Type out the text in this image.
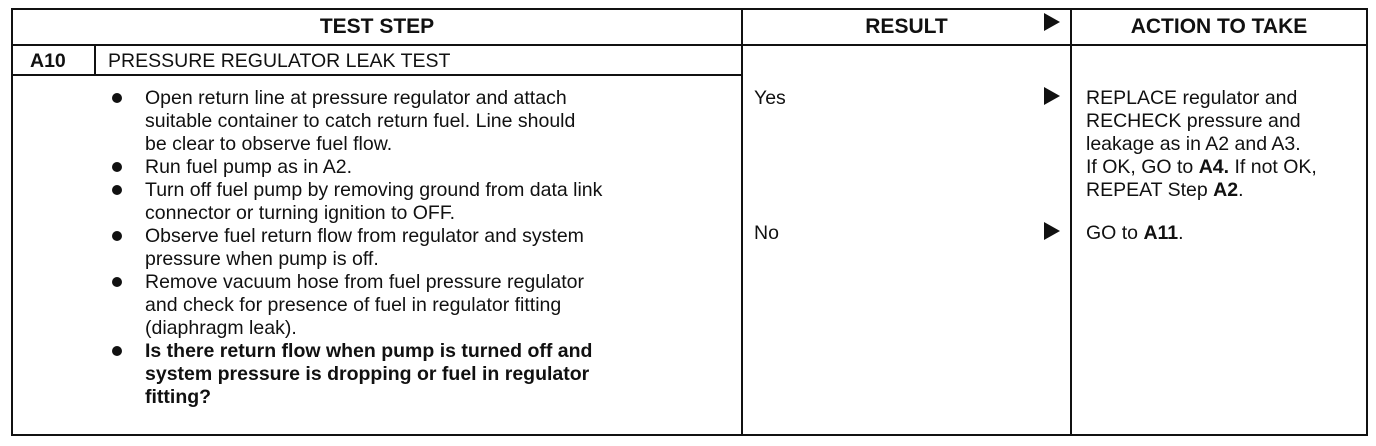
TEST STEP	RESULT	ACTION TO TAKE
A10 PRESSURE REGULATOR LEAK TEST
Open return line at pressure regulator and attach
suitable container to catch return fuel. Line should
be clear to observe fuel flow.
Run fuel pump as in A2.
Turn off fuel pump by removing ground from data link
connector or turning ignition to OFF.
Observe fuel return flow from regulator and system
pressure when pump is off.
Remove vacuum hose from fuel pressure regulator
and check for presence of fuel in regulator fitting
(diaphragm leak).
Is there return flow when pump is turned off and
system pressure is dropping or fuel in regulator
fitting?
Yes
No
REPLACE regulator and
RECHECK pressure and
leakage as in A2 and A3.
If OK, GO to A4. If not OK,
REPEAT Step A2.
GO to A11.
